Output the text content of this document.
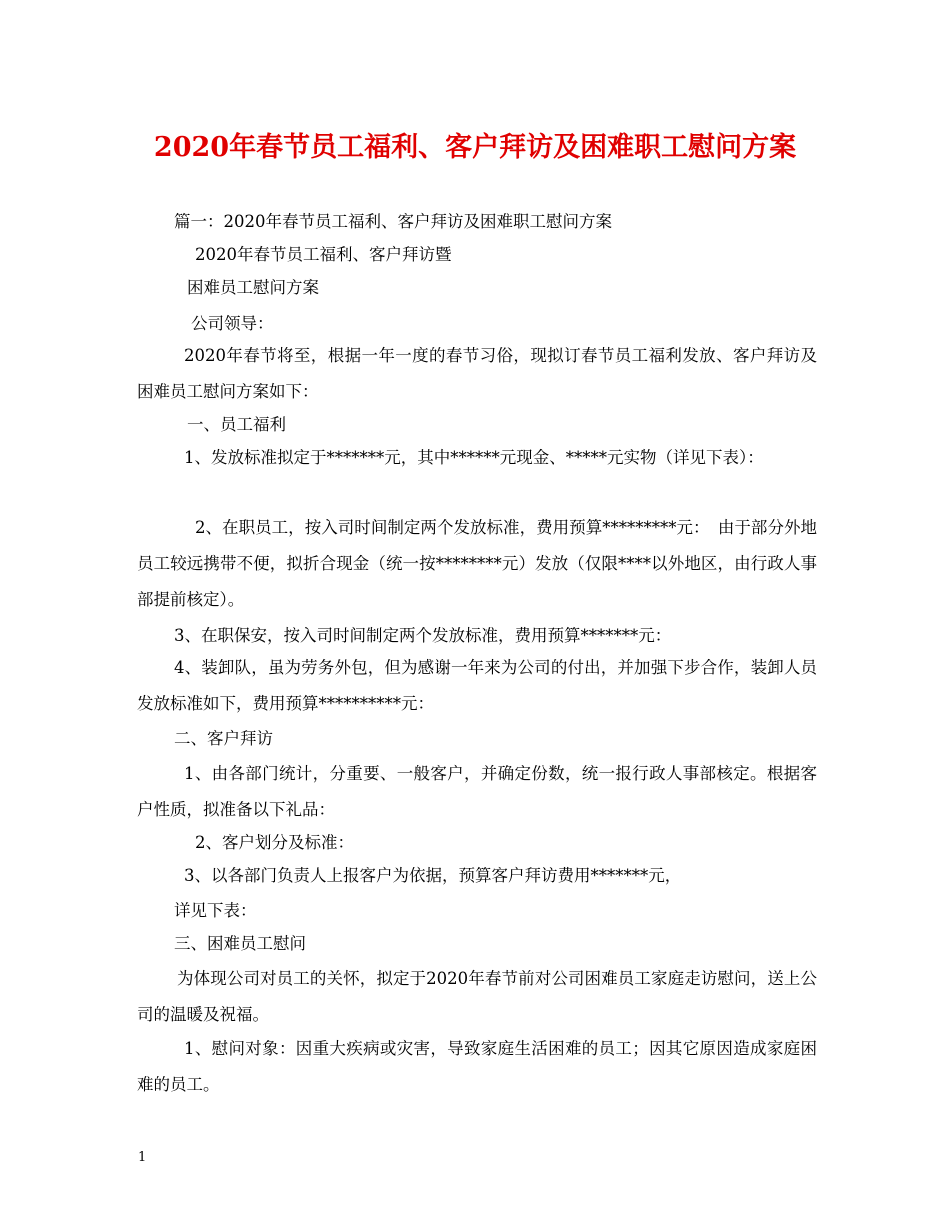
2020年春节员工福利、客户拜访及困难职工慰问方案

篇一：2020年春节员工福利、客户拜访及困难职工慰问方案

2020年春节员工福利、客户拜访暨

困难员工慰问方案

公司领导：

2020年春节将至，根据一年一度的春节习俗，现拟订春节员工福利发放、客户拜访及困难员工慰问方案如下：

一、员工福利

1、发放标准拟定于*******元，其中******元现金、*****元实物（详见下表）：

2、在职员工，按入司时间制定两个发放标准，费用预算*********元：　由于部分外地员工较远携带不便，拟折合现金（统一按********元）发放（仅限****以外地区，由行政人事部提前核定）。

3、在职保安，按入司时间制定两个发放标准，费用预算*******元：

4、装卸队，虽为劳务外包，但为感谢一年来为公司的付出，并加强下步合作，装卸人员发放标准如下，费用预算**********元：

二、客户拜访

1、由各部门统计，分重要、一般客户，并确定份数，统一报行政人事部核定。根据客户性质，拟准备以下礼品：

2、客户划分及标准：

3、以各部门负责人上报客户为依据，预算客户拜访费用*******元，

详见下表：

三、困难员工慰问

为体现公司对员工的关怀，拟定于2020年春节前对公司困难员工家庭走访慰问，送上公司的温暖及祝福。

1、慰问对象：因重大疾病或灾害，导致家庭生活困难的员工；因其它原因造成家庭困难的员工。

1
